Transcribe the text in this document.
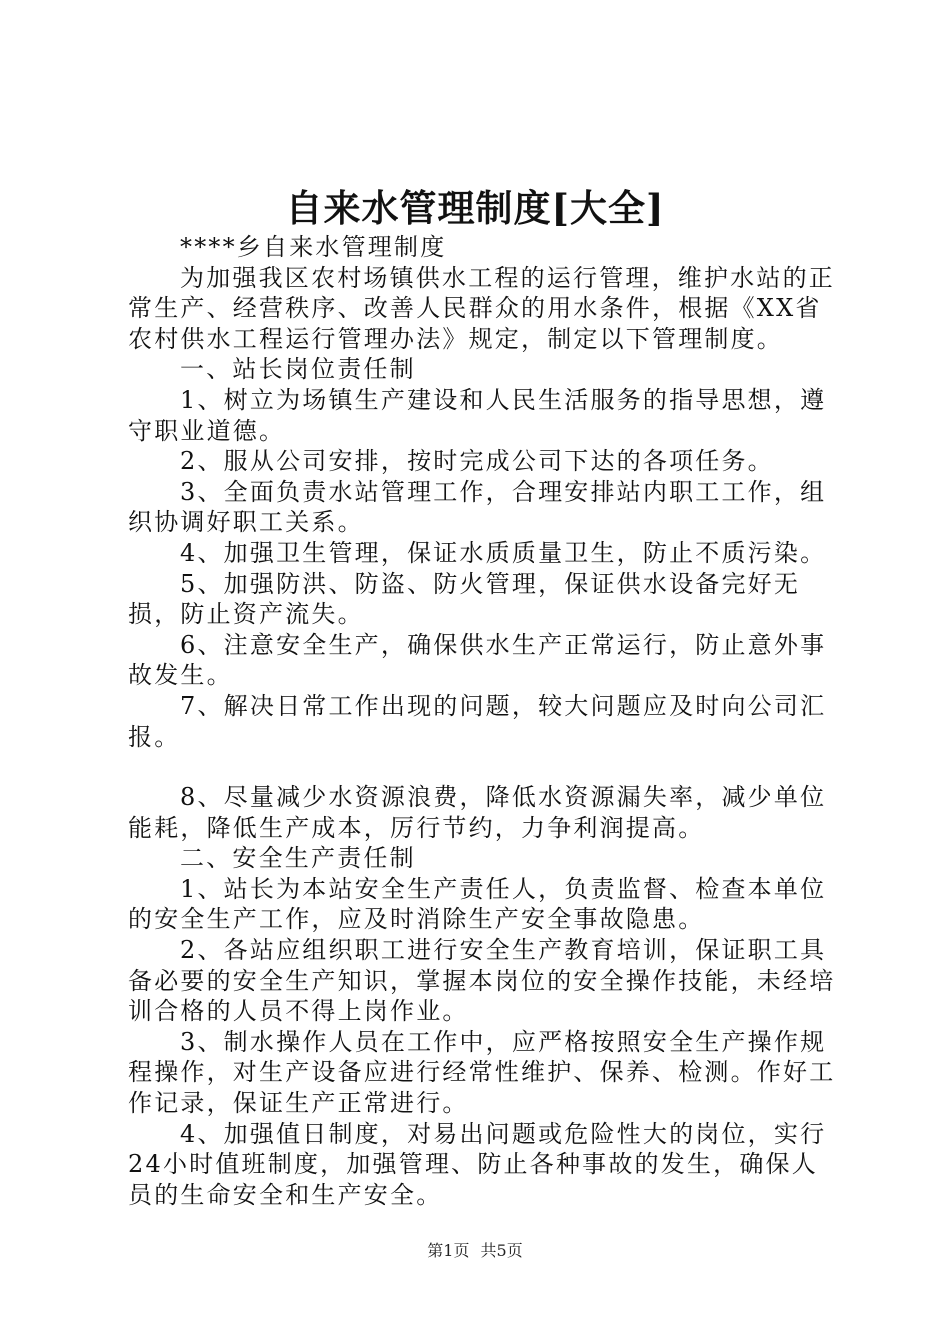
自来水管理制度[大全]

****乡自来水管理制度

为加强我区农村场镇供水工程的运行管理，维护水站的正常生产、经营秩序、改善人民群众的用水条件，根据《XX省农村供水工程运行管理办法》规定，制定以下管理制度。

一、站长岗位责任制

1、树立为场镇生产建设和人民生活服务的指导思想，遵守职业道德。

2、服从公司安排，按时完成公司下达的各项任务。

3、全面负责水站管理工作，合理安排站内职工工作，组织协调好职工关系。

4、加强卫生管理，保证水质质量卫生，防止不质污染。

5、加强防洪、防盗、防火管理，保证供水设备完好无损，防止资产流失。

6、注意安全生产，确保供水生产正常运行，防止意外事故发生。

7、解决日常工作出现的问题，较大问题应及时向公司汇报。

8、尽量减少水资源浪费，降低水资源漏失率，减少单位能耗，降低生产成本，厉行节约，力争利润提高。

二、安全生产责任制

1、站长为本站安全生产责任人，负责监督、检查本单位的安全生产工作，应及时消除生产安全事故隐患。

2、各站应组织职工进行安全生产教育培训，保证职工具备必要的安全生产知识，掌握本岗位的安全操作技能，未经培训合格的人员不得上岗作业。

3、制水操作人员在工作中，应严格按照安全生产操作规程操作，对生产设备应进行经常性维护、保养、检测。作好工作记录，保证生产正常进行。

4、加强值日制度，对易出问题或危险性大的岗位，实行24小时值班制度，加强管理、防止各种事故的发生，确保人员的生命安全和生产安全。

第1页 共5页
